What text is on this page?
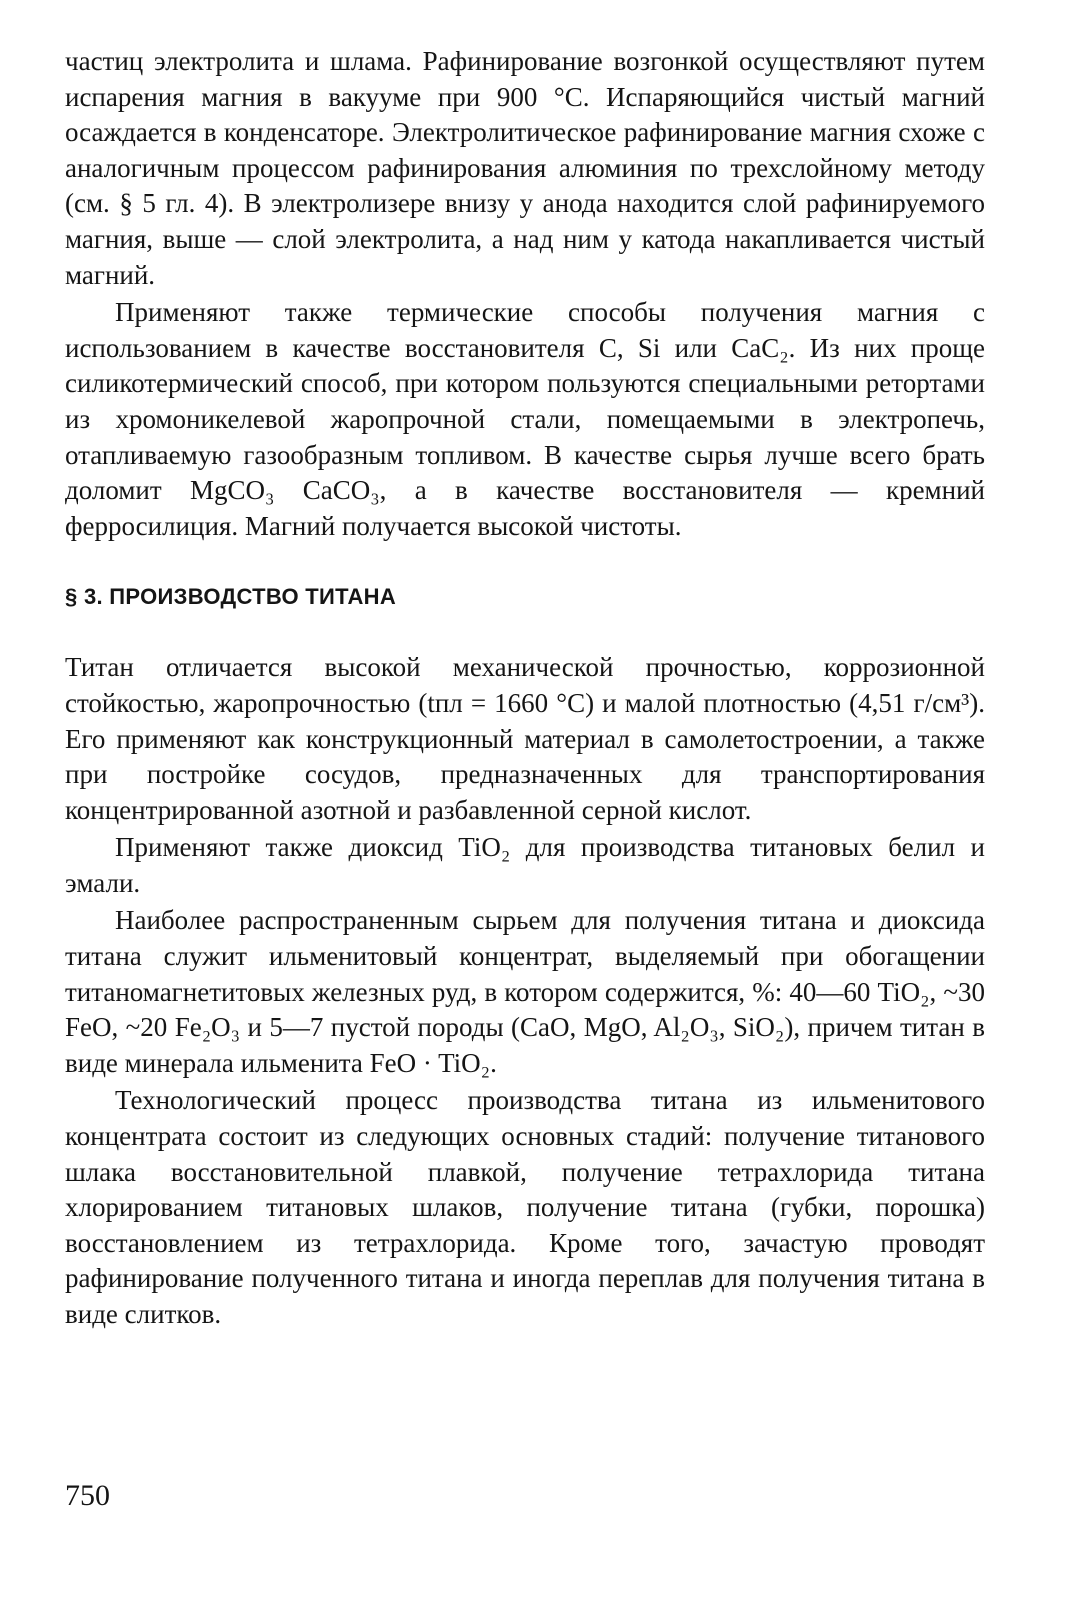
частиц электролита и шлама. Рафинирование возгонкой осуществляют путем испарения магния в вакууме при 900 °С. Испаряющийся чистый магний осаждается в конденсаторе. Электролитическое рафинирование магния схоже с аналогичным процессом рафинирования алюминия по трехслойному методу (см. § 5 гл. 4). В электролизере внизу у анода находится слой рафинируемого магния, выше — слой электролита, а над ним у катода накапливается чистый магний.

Применяют также термические способы получения магния с использованием в качестве восстановителя С, Si или CaC₂. Из них проще силикотермический способ, при котором пользуются специальными ретортами из хромоникелевой жаропрочной стали, помещаемыми в электропечь, отапливаемую газообразным топливом. В качестве сырья лучше всего брать доломит MgCO₃ CaCO₃, а в качестве восстановителя — кремний ферросилиция. Магний получается высокой чистоты.

§ 3. ПРОИЗВОДСТВО ТИТАНА

Титан отличается высокой механической прочностью, коррозионной стойкостью, жаропрочностью (tпл = 1660 °С) и малой плотностью (4,51 г/см³). Его применяют как конструкционный материал в самолетостроении, а также при постройке сосудов, предназначенных для транспортирования концентрированной азотной и разбавленной серной кислот.

Применяют также диоксид TiO₂ для производства титановых белил и эмали.

Наиболее распространенным сырьем для получения титана и диоксида титана служит ильменитовый концентрат, выделяемый при обогащении титаномагнетитовых железных руд, в котором содержится, %: 40—60 TiO₂, ~30 FeO, ~20 Fe₂O₃ и 5—7 пустой породы (CaO, MgO, Al₂O₃, SiO₂), причем титан в виде минерала ильменита FeO · TiO₂.

Технологический процесс производства титана из ильменитового концентрата состоит из следующих основных стадий: получение титанового шлака восстановительной плавкой, получение тетрахлорида титана хлорированием титановых шлаков, получение титана (губки, порошка) восстановлением из тетрахлорида. Кроме того, зачастую проводят рафинирование полученного титана и иногда переплав для получения титана в виде слитков.

750
